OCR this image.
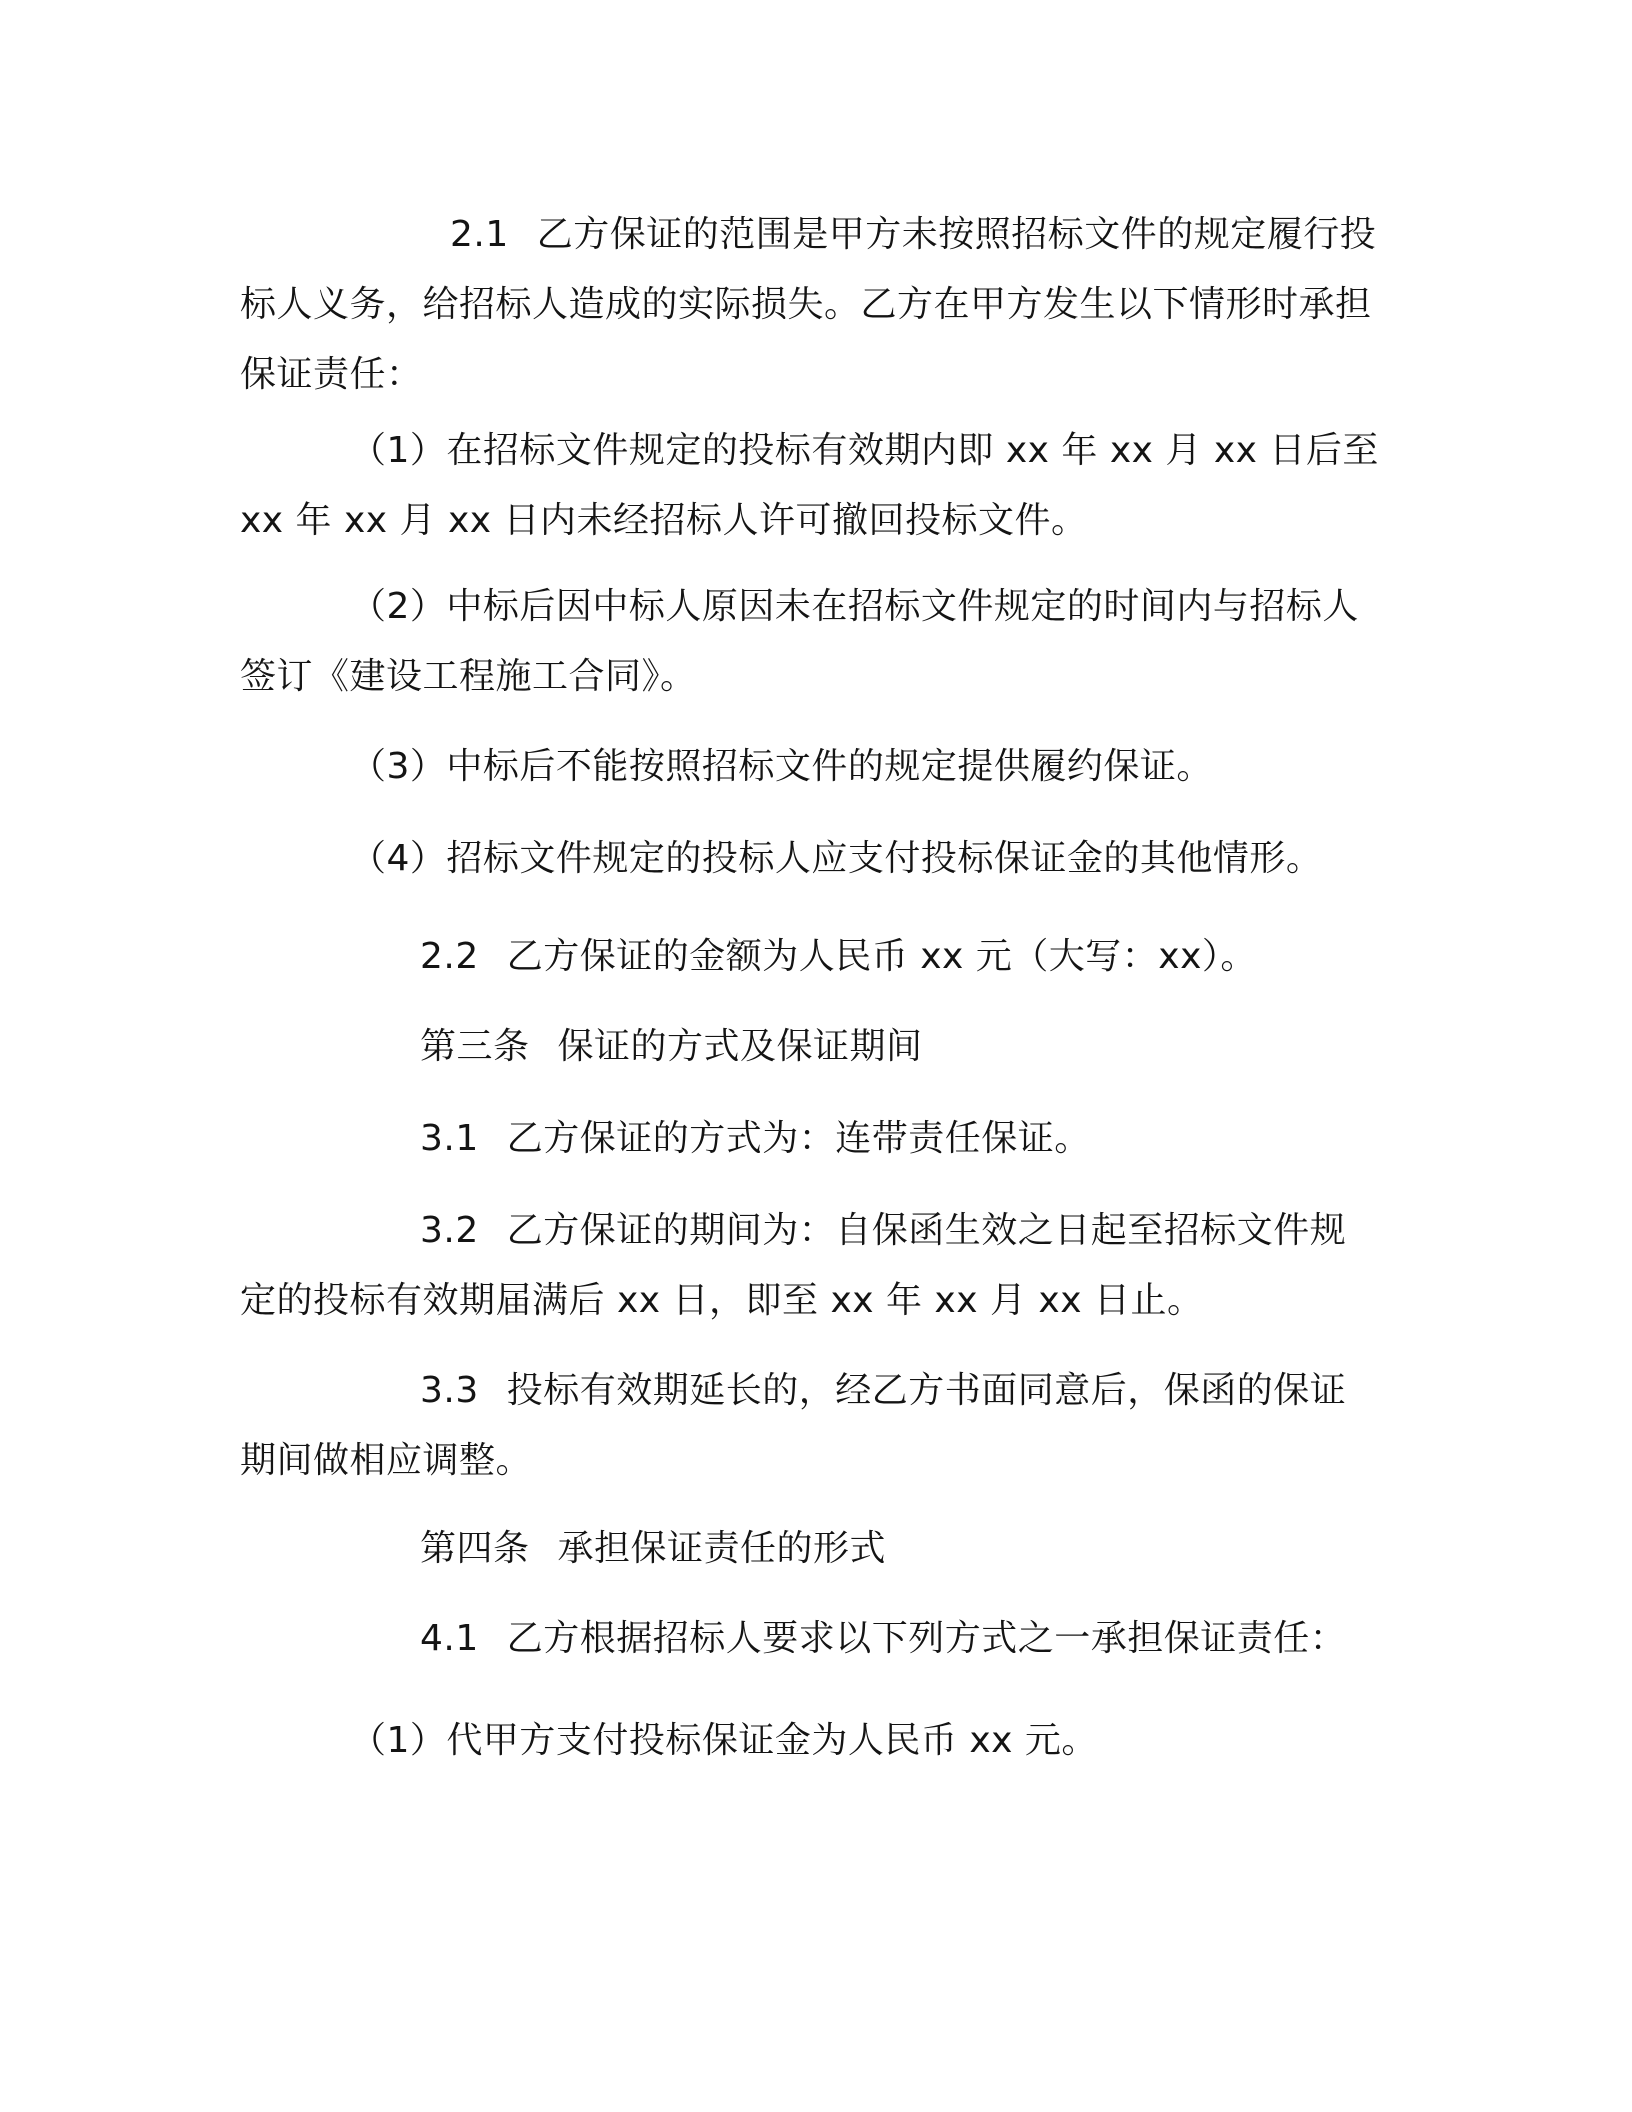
2.1 乙方保证的范围是甲方未按照招标文件的规定履行投标人义务，给招标人造成的实际损失。乙方在甲方发生以下情形时承担保证责任：

（1）在招标文件规定的投标有效期内即 xx 年 xx 月 xx 日后至 xx 年 xx 月 xx 日内未经招标人许可撤回投标文件。

（2）中标后因中标人原因未在招标文件规定的时间内与招标人签订《建设工程施工合同》。

（3）中标后不能按照招标文件的规定提供履约保证。

（4）招标文件规定的投标人应支付投标保证金的其他情形。

2.2 乙方保证的金额为人民币 xx 元（大写：xx）。

第三条 保证的方式及保证期间

3.1 乙方保证的方式为：连带责任保证。

3.2 乙方保证的期间为：自保函生效之日起至招标文件规定的投标有效期届满后 xx 日，即至 xx 年 xx 月 xx 日止。

3.3 投标有效期延长的，经乙方书面同意后，保函的保证期间做相应调整。

第四条 承担保证责任的形式

4.1 乙方根据招标人要求以下列方式之一承担保证责任：

（1）代甲方支付投标保证金为人民币 xx 元。
